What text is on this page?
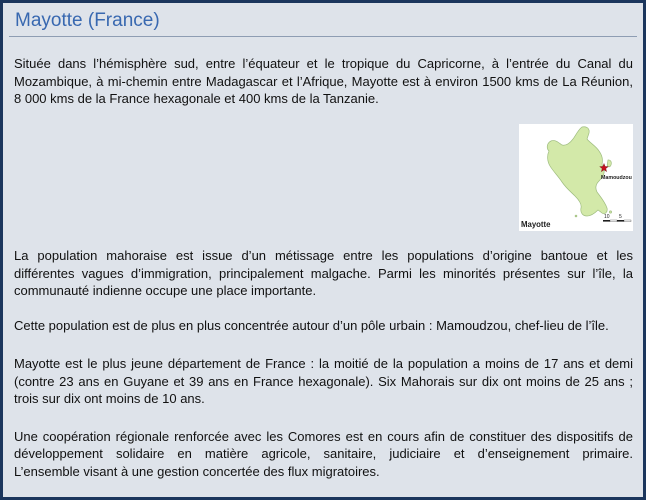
Mayotte (France)
Située dans l’hémisphère sud, entre l’équateur et le tropique du Capricorne, à l’entrée du Canal du
Mozambique, à mi-chemin entre Madagascar et l’Afrique, Mayotte est à environ 1500 kms de La Réunion,
8 000 kms de la France hexagonale et 400 kms de la Tanzanie.
Mamoudzou
Mayotte
10 5
La population mahoraise est issue d’un métissage entre les populations d’origine bantoue et les
différentes vagues d’immigration, principalement malgache. Parmi les minorités présentes sur l’île, la
communauté indienne occupe une place importante.
Cette population est de plus en plus concentrée autour d’un pôle urbain : Mamoudzou, chef-lieu de l’île.
Mayotte est le plus jeune département de France : la moitié de la population a moins de 17 ans et demi
(contre 23 ans en Guyane et 39 ans en France hexagonale). Six Mahorais sur dix ont moins de 25 ans ;
trois sur dix ont moins de 10 ans.
Une coopération régionale renforcée avec les Comores est en cours afin de constituer des dispositifs de
développement solidaire en matière agricole, sanitaire, judiciaire et d’enseignement primaire.
L’ensemble visant à une gestion concertée des flux migratoires.
